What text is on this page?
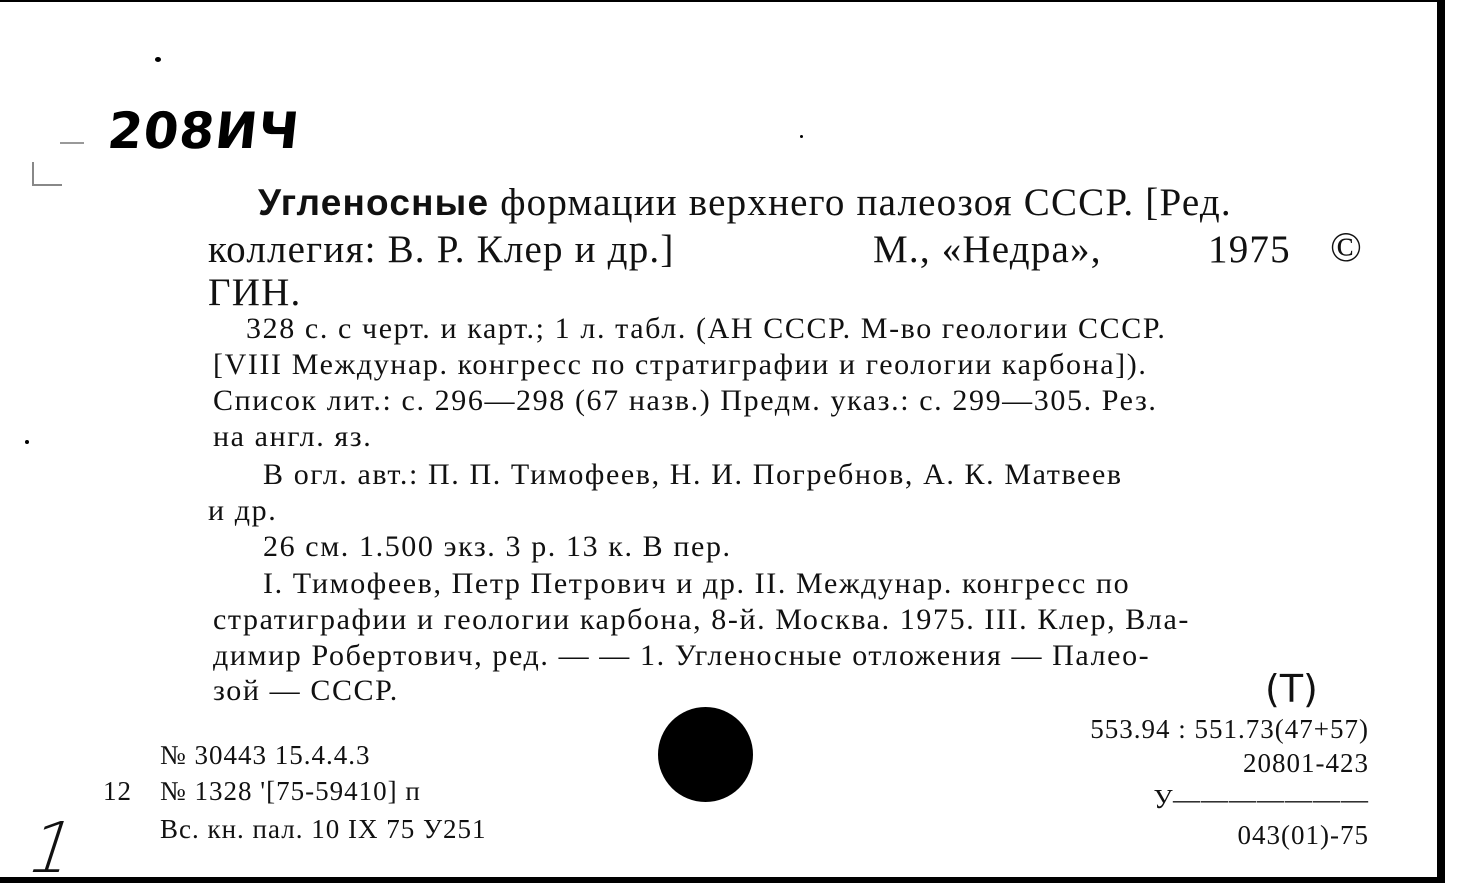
208ИЧ
Угленосные формации верхнего палеозоя СССР. [Ред.
коллегия: В. Р. Клер и др.]	М., «Недра»,	1975 ©
ГИН.
328 с. с черт. и карт.; 1 л. табл. (АН СССР. М-во геологии СССР.
[VIII Междунар. конгресс по стратиграфии и геологии карбона]).
Список лит.: с. 296—298 (67 назв.) Предм. указ.: с. 299—305. Рез.
на англ. яз.
В огл. авт.: П. П. Тимофеев, Н. И. Погребнов, А. К. Матвеев
и др.
26 см. 1.500 экз. 3 р. 13 к. В пер.
I. Тимофеев, Петр Петрович и др. II. Междунар. конгресс по
стратиграфии и геологии карбона, 8-й. Москва. 1975. III. Клер, Вла-
димир Робертович, ред. — — 1. Угленосные отложения — Палео-
зой — СССР.	(Т)
553.94 : 551.73(47+57)
20801-423
У———————
043(01)-75
№ 30443 15.4.4.3
12 № 1328 '[75-59410] п
Вс. кн. пал. 10 IX 75 У251
1
